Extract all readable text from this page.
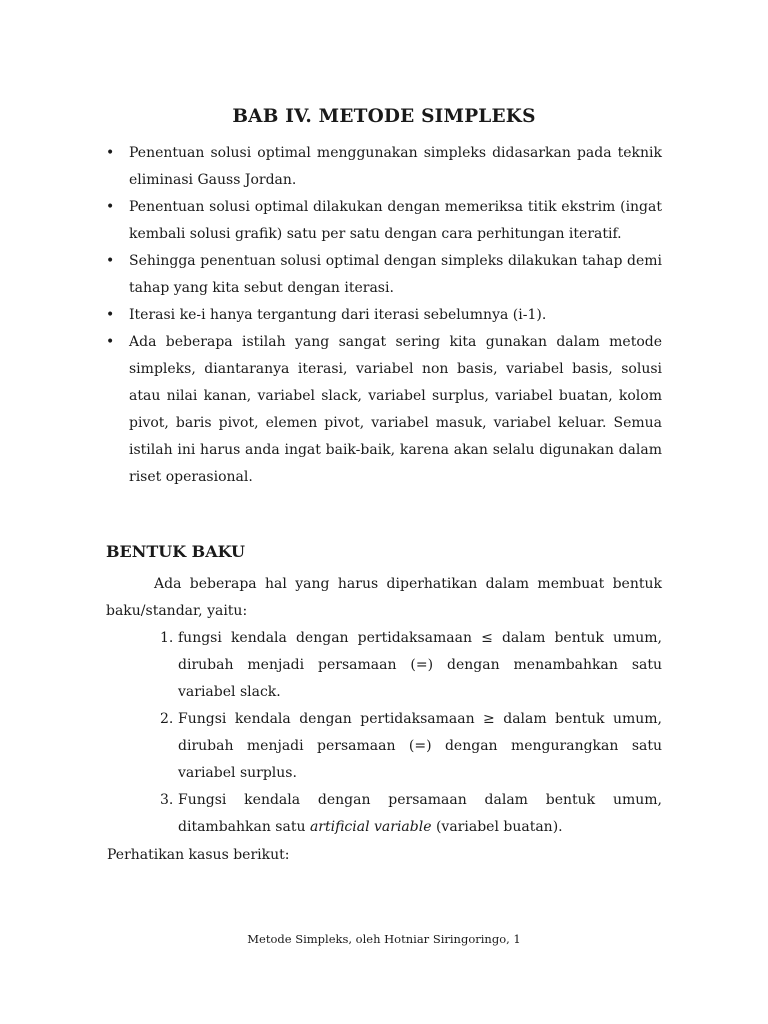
BAB IV. METODE SIMPLEKS
• Penentuan solusi optimal menggunakan simpleks didasarkan pada teknik eliminasi Gauss Jordan.
• Penentuan solusi optimal dilakukan dengan memeriksa titik ekstrim (ingat kembali solusi grafik) satu per satu dengan cara perhitungan iteratif.
• Sehingga penentuan solusi optimal dengan simpleks dilakukan tahap demi tahap yang kita sebut dengan iterasi.
• Iterasi ke-i hanya tergantung dari iterasi sebelumnya (i-1).
• Ada beberapa istilah yang sangat sering kita gunakan dalam metode simpleks, diantaranya iterasi, variabel non basis, variabel basis, solusi atau nilai kanan, variabel slack, variabel surplus, variabel buatan, kolom pivot, baris pivot, elemen pivot, variabel masuk, variabel keluar. Semua istilah ini harus anda ingat baik-baik, karena akan selalu digunakan dalam riset operasional.
BENTUK BAKU

Ada beberapa hal yang harus diperhatikan dalam membuat bentuk baku/standar, yaitu:

1. fungsi kendala dengan pertidaksamaan ≤ dalam bentuk umum, dirubah menjadi persamaan (=) dengan menambahkan satu variabel slack.
2. Fungsi kendala dengan pertidaksamaan ≥ dalam bentuk umum, dirubah menjadi persamaan (=) dengan mengurangkan satu variabel surplus.
3. Fungsi kendala dengan persamaan dalam bentuk umum, ditambahkan satu artificial variable (variabel buatan).

Perhatikan kasus berikut:

Metode Simpleks, oleh Hotniar Siringoringo, 1
